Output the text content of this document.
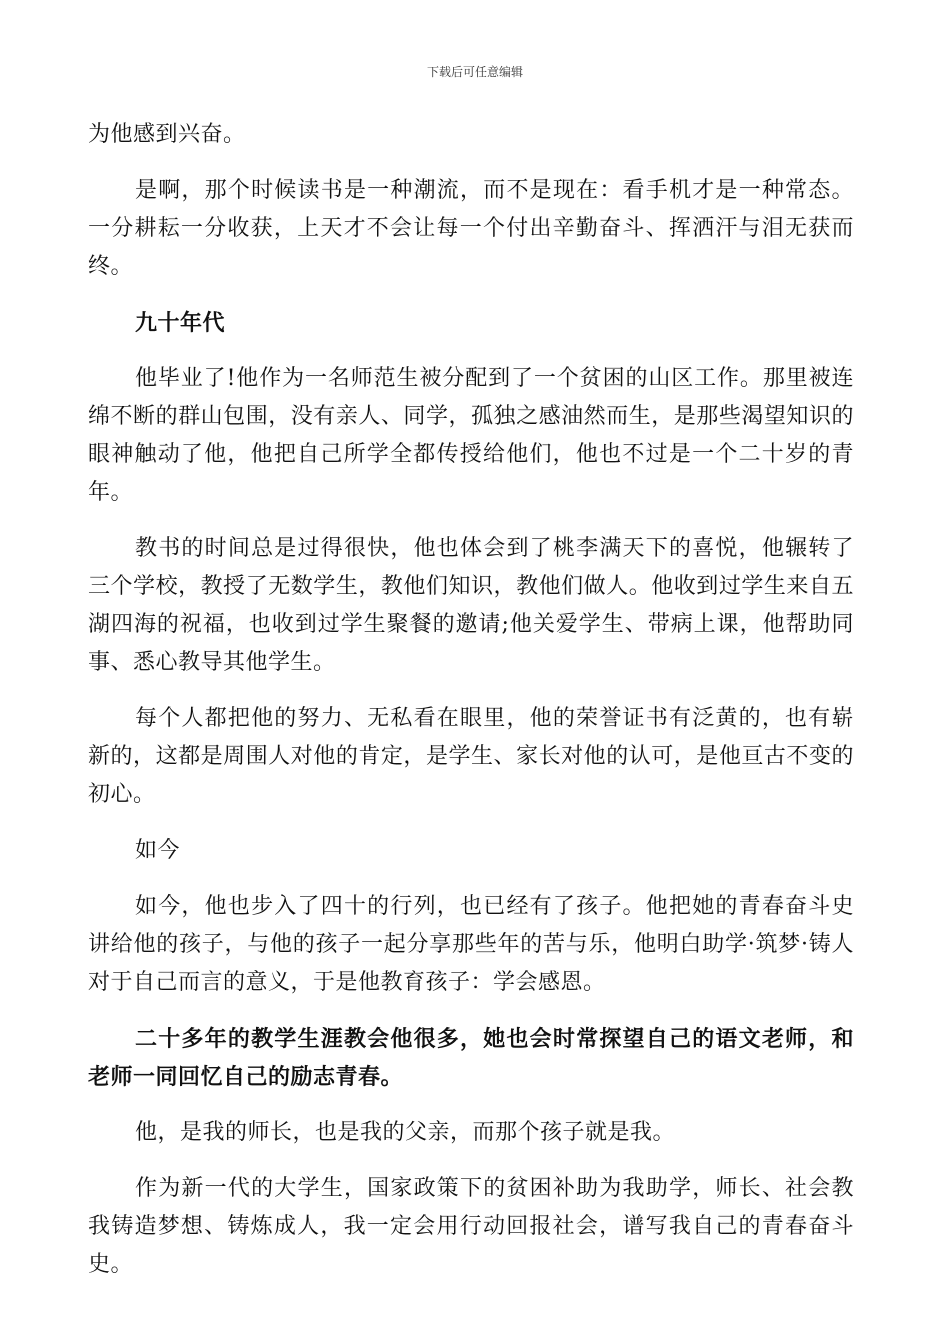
下载后可任意编辑

为他感到兴奋。

是啊，那个时候读书是一种潮流，而不是现在：看手机才是一种常态。一分耕耘一分收获，上天才不会让每一个付出辛勤奋斗、挥洒汗与泪无获而终。

九十年代

他毕业了!他作为一名师范生被分配到了一个贫困的山区工作。那里被连绵不断的群山包围，没有亲人、同学，孤独之感油然而生，是那些渴望知识的眼神触动了他，他把自己所学全都传授给他们，他也不过是一个二十岁的青年。

教书的时间总是过得很快，他也体会到了桃李满天下的喜悦，他辗转了三个学校，教授了无数学生，教他们知识，教他们做人。他收到过学生来自五湖四海的祝福，也收到过学生聚餐的邀请;他关爱学生、带病上课，他帮助同事、悉心教导其他学生。

每个人都把他的努力、无私看在眼里，他的荣誉证书有泛黄的，也有崭新的，这都是周围人对他的肯定，是学生、家长对他的认可，是他亘古不变的初心。

如今

如今，他也步入了四十的行列，也已经有了孩子。他把她的青春奋斗史讲给他的孩子，与他的孩子一起分享那些年的苦与乐，他明白助学·筑梦·铸人对于自己而言的意义，于是他教育孩子：学会感恩。

二十多年的教学生涯教会他很多，她也会时常探望自己的语文老师，和老师一同回忆自己的励志青春。

他，是我的师长，也是我的父亲，而那个孩子就是我。

作为新一代的大学生，国家政策下的贫困补助为我助学，师长、社会教我铸造梦想、铸炼成人，我一定会用行动回报社会，谱写我自己的青春奋斗史。
